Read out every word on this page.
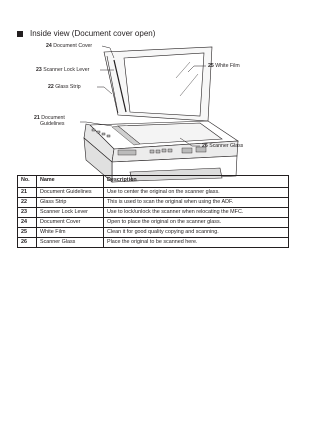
Inside view (Document cover open)
24 Document Cover
23 Scanner Lock Lever
22 Glass Strip
21 Document
Guidelines
25 White Film
26 Scanner Glass
No.	Name	Description
21	Document Guidelines	Use to center the original on the scanner glass.
22	Glass Strip	This is used to scan the original when using the ADF.
23	Scanner Lock Lever	Use to lock/unlock the scanner when relocating the MFC.
24	Document Cover	Open to place the original on the scanner glass.
25	White Film	Clean it for good quality copying and scanning.
26	Scanner Glass	Place the original to be scanned here.
